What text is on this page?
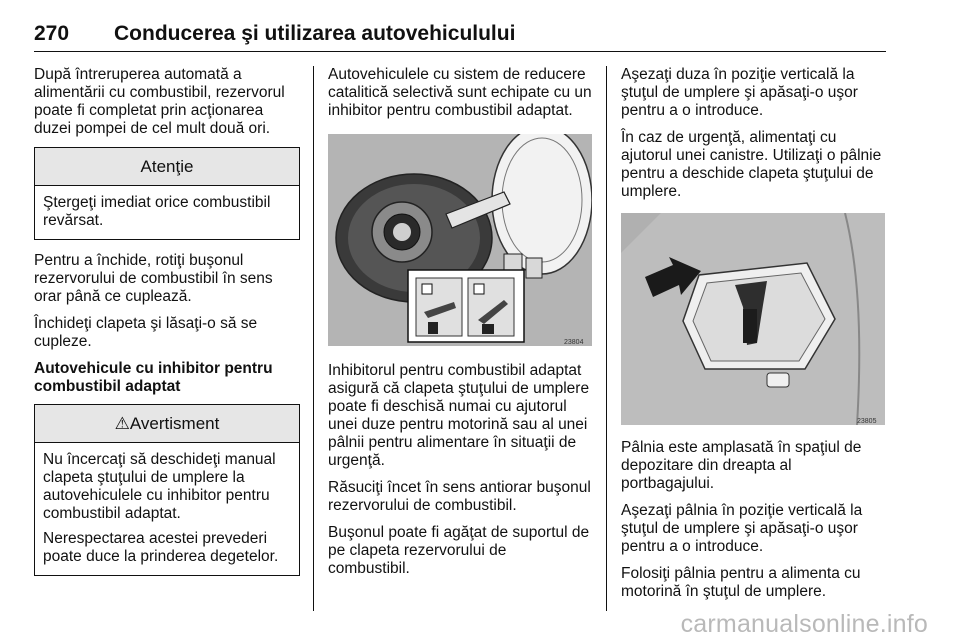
270 Conducerea şi utilizarea autovehiculului

După întreruperea automată a alimentării cu combustibil, rezervorul poate fi completat prin acţionarea duzei pompei de cel mult două ori.

Atenţie

Ştergeţi imediat orice combustibil revărsat.

Pentru a închide, rotiţi buşonul rezervorului de combustibil în sens orar până ce cuplează.

Închideţi clapeta şi lăsaţi-o să se cupleze.

Autovehicule cu inhibitor pentru combustibil adaptat

⚠Avertisment

Nu încercaţi să deschideţi manual clapeta ştuţului de umplere la autovehiculele cu inhibitor pentru combustibil adaptat.

Nerespectarea acestei prevederi poate duce la prinderea degetelor.

Autovehiculele cu sistem de reducere catalitică selectivă sunt echipate cu un inhibitor pentru combustibil adaptat.

23804

Inhibitorul pentru combustibil adaptat asigură că clapeta ştuţului de umplere poate fi deschisă numai cu ajutorul unei duze pentru motorină sau al unei pâlnii pentru alimentare în situaţii de urgenţă.

Răsuciţi încet în sens antiorar buşonul rezervorului de combustibil.

Buşonul poate fi agăţat de suportul de pe clapeta rezervorului de combustibil.

Aşezaţi duza în poziţie verticală la ştuţul de umplere şi apăsaţi-o uşor pentru a o introduce.

În caz de urgenţă, alimentaţi cu ajutorul unei canistre. Utilizaţi o pâlnie pentru a deschide clapeta ştuţului de umplere.

23805

Pâlnia este amplasată în spaţiul de depozitare din dreapta al portbagajului.

Aşezaţi pâlnia în poziţie verticală la ştuţul de umplere şi apăsaţi-o uşor pentru a o introduce.

Folosiţi pâlnia pentru a alimenta cu motorină în ştuţul de umplere.

carmanualsonline.info
